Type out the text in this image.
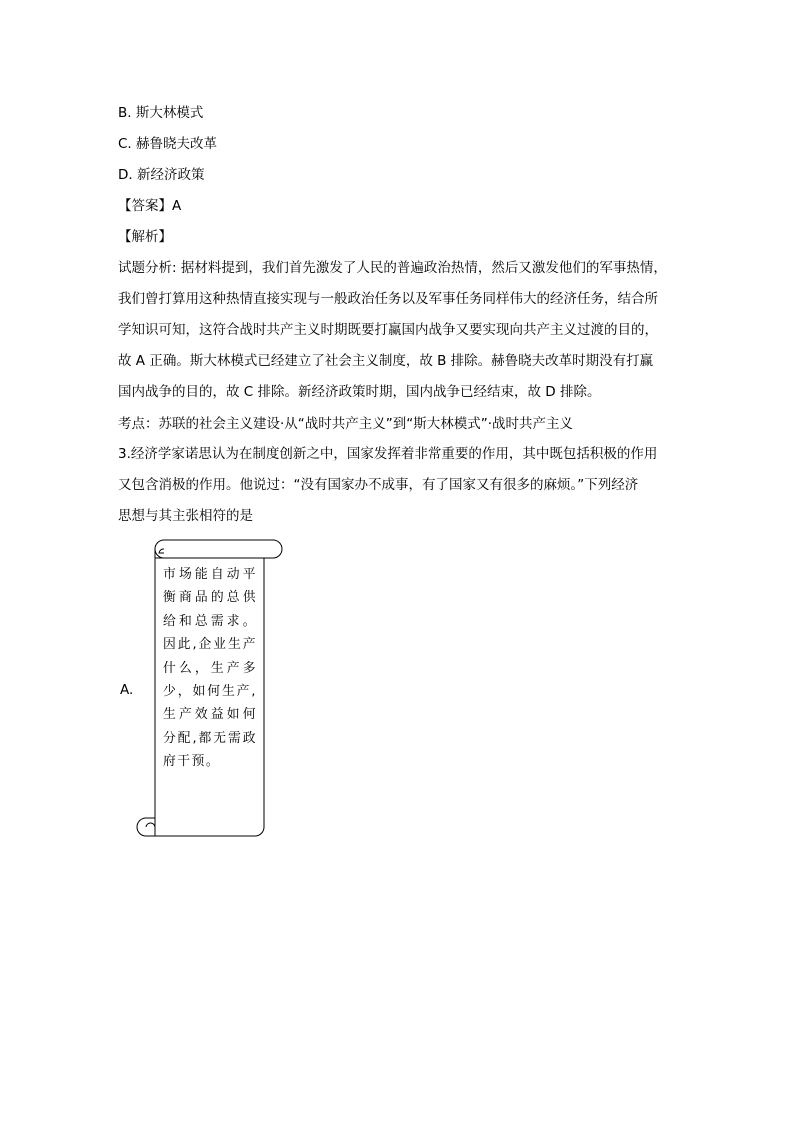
B. 斯大林模式
C. 赫鲁晓夫改革
D. 新经济政策
【答案】A
【解析】

试题分析: 据材料提到，我们首先激发了人民的普遍政治热情，然后又激发他们的军事热情，

我们曾打算用这种热情直接实现与一般政治任务以及军事任务同样伟大的经济任务，结合所

学知识可知，这符合战时共产主义时期既要打赢国内战争又要实现向共产主义过渡的目的，

故 A 正确。斯大林模式已经建立了社会主义制度，故 B 排除。赫鲁晓夫改革时期没有打赢

国内战争的目的，故 C 排除。新经济政策时期，国内战争已经结束，故 D 排除。

考点：苏联的社会主义建设·从“战时共产主义”到“斯大林模式”·战时共产主义

3.经济学家诺思认为在制度创新之中，国家发挥着非常重要的作用，其中既包括积极的作用

又包含消极的作用。他说过：“没有国家办不成事，有了国家又有很多的麻烦。”下列经济

思想与其主张相符的是

A.
市场能自动平衡商品的总供给和总需求。因此,企业生产什么，生产多少，如何生产,生产效益如何分配,都无需政府干预。
